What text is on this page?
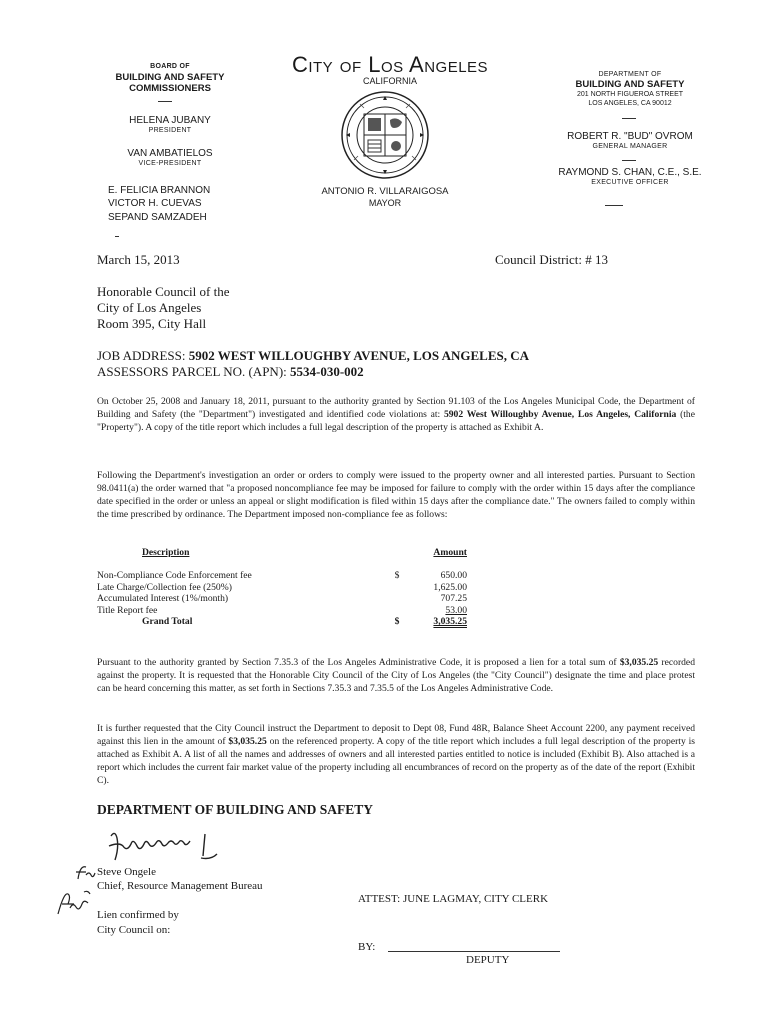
City of Los Angeles
CALIFORNIA
ANTONIO R. VILLARAIGOSA
MAYOR
BOARD OF
BUILDING AND SAFETY
COMMISSIONERS
HELENA JUBANY
PRESIDENT
VAN AMBATIELOS
VICE-PRESIDENT
E. FELICIA BRANNON
VICTOR H. CUEVAS
SEPAND SAMZADEH
DEPARTMENT OF
BUILDING AND SAFETY
201 NORTH FIGUEROA STREET
LOS ANGELES, CA 90012
ROBERT R. "BUD" OVROM
GENERAL MANAGER
RAYMOND S. CHAN, C.E., S.E.
EXECUTIVE OFFICER
March 15, 2013	Council District: # 13
Honorable Council of the
City of Los Angeles
Room 395, City Hall
JOB ADDRESS: 5902 WEST WILLOUGHBY AVENUE, LOS ANGELES, CA
ASSESSORS PARCEL NO. (APN): 5534-030-002
On October 25, 2008 and January 18, 2011, pursuant to the authority granted by Section 91.103 of the Los Angeles Municipal Code, the Department of Building and Safety (the "Department") investigated and identified code violations at: 5902 West Willoughby Avenue, Los Angeles, California (the "Property"). A copy of the title report which includes a full legal description of the property is attached as Exhibit A.
Following the Department's investigation an order or orders to comply were issued to the property owner and all interested parties. Pursuant to Section 98.0411(a) the order warned that "a proposed noncompliance fee may be imposed for failure to comply with the order within 15 days after the compliance date specified in the order or unless an appeal or slight modification is filed within 15 days after the compliance date." The owners failed to comply within the time prescribed by ordinance. The Department imposed non-compliance fee as follows:
Description		Amount
Non-Compliance Code Enforcement fee	$	650.00
Late Charge/Collection fee (250%)		1,625.00
Accumulated Interest (1%/month)		707.25
Title Report fee		53.00
Grand Total	$	3,035.25
Pursuant to the authority granted by Section 7.35.3 of the Los Angeles Administrative Code, it is proposed a lien for a total sum of $3,035.25 recorded against the property. It is requested that the Honorable City Council of the City of Los Angeles (the "City Council") designate the time and place protest can be heard concerning this matter, as set forth in Sections 7.35.3 and 7.35.5 of the Los Angeles Administrative Code.
It is further requested that the City Council instruct the Department to deposit to Dept 08, Fund 48R, Balance Sheet Account 2200, any payment received against this lien in the amount of $3,035.25 on the referenced property. A copy of the title report which includes a full legal description of the property is attached as Exhibit A. A list of all the names and addresses of owners and all interested parties entitled to notice is included (Exhibit B). Also attached is a report which includes the current fair market value of the property including all encumbrances of record on the property as of the date of the report (Exhibit C).
DEPARTMENT OF BUILDING AND SAFETY
Steve Ongele
Chief, Resource Management Bureau
Lien confirmed by
City Council on:
ATTEST: JUNE LAGMAY, CITY CLERK
BY:
DEPUTY
